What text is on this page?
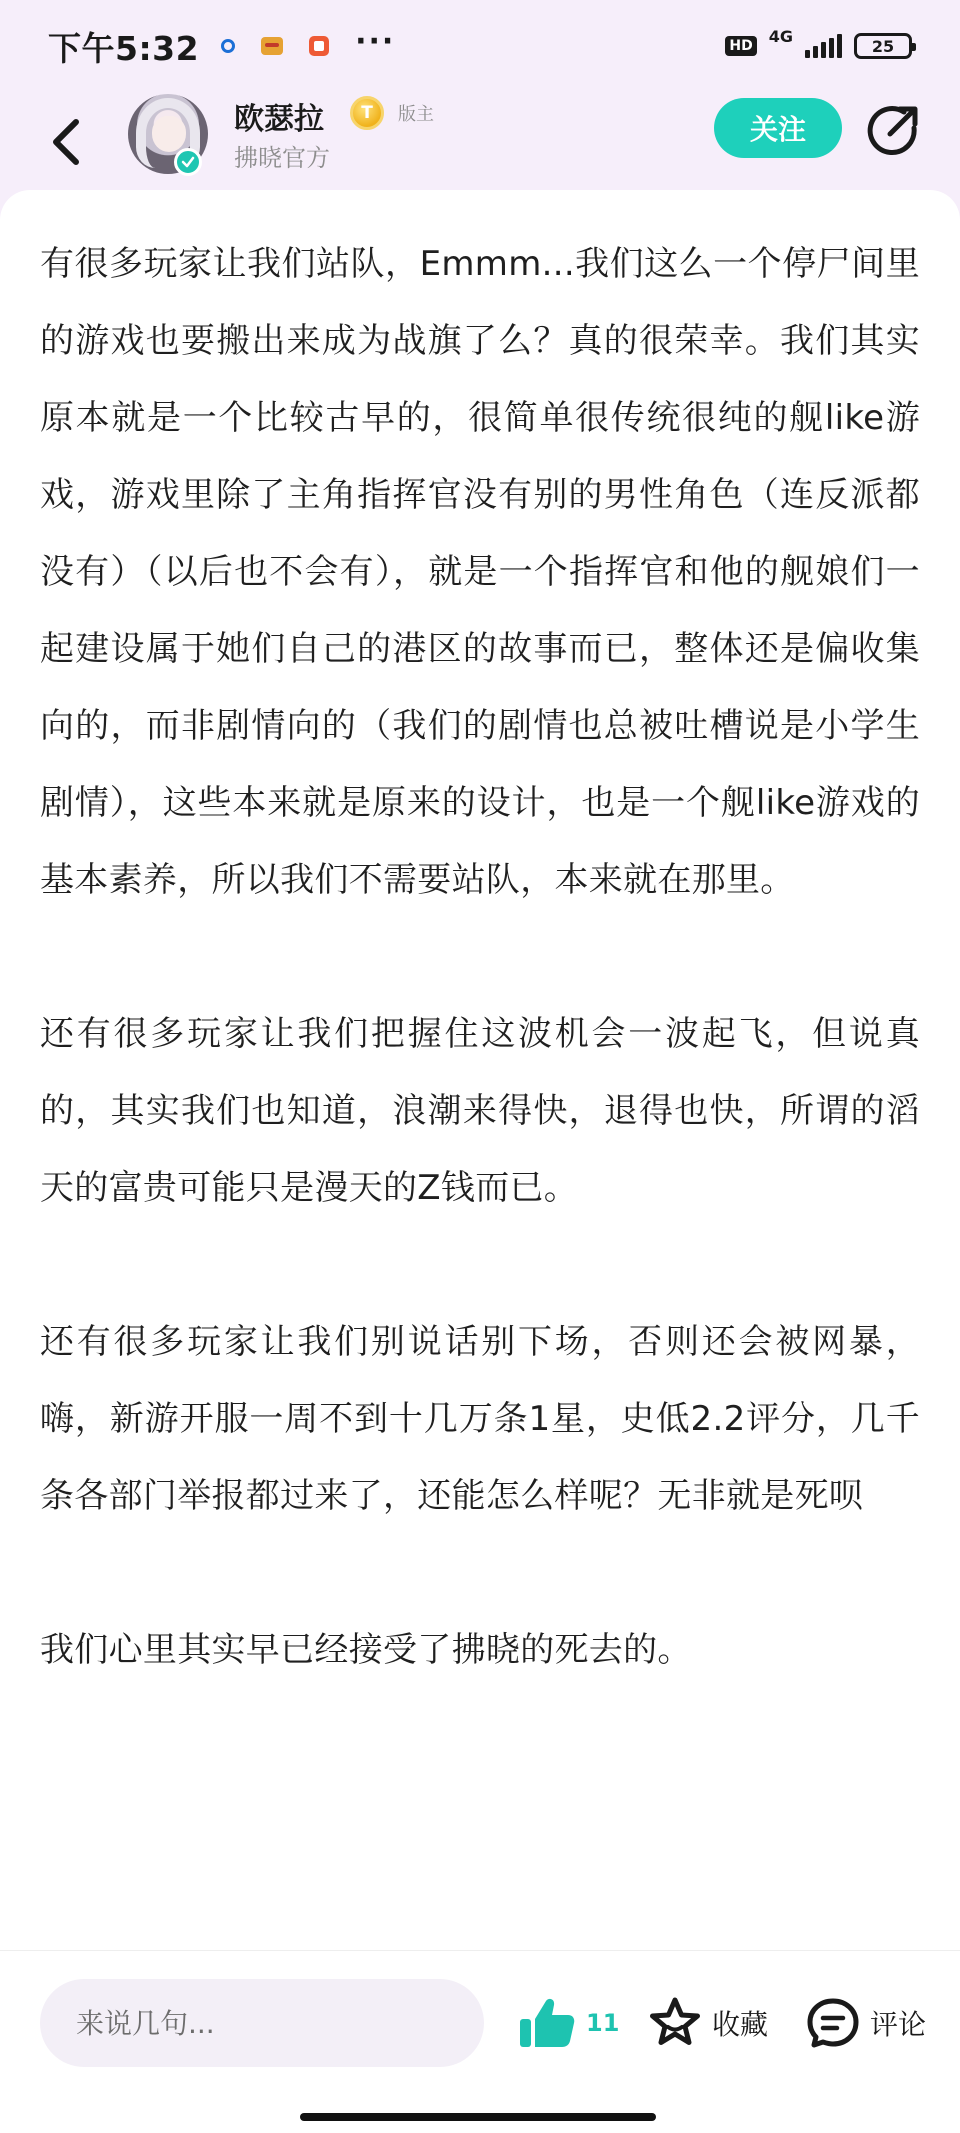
下午5:32	···	HD
4G
25
欧瑟拉	T	版主
拂晓官方
关注

有很多玩家让我们站队，Emmm...我们这么一个停尸间里的游戏也要搬出来成为战旗了么？真的很荣幸。我们其实原本就是一个比较古早的，很简单很传统很纯的舰like游戏，游戏里除了主角指挥官没有别的男性角色（连反派都没有）（以后也不会有），就是一个指挥官和他的舰娘们一起建设属于她们自己的港区的故事而已，整体还是偏收集向的，而非剧情向的（我们的剧情也总被吐槽说是小学生剧情），这些本来就是原来的设计，也是一个舰like游戏的基本素养，所以我们不需要站队，本来就在那里。

还有很多玩家让我们把握住这波机会一波起飞，但说真的，其实我们也知道，浪潮来得快，退得也快，所谓的滔天的富贵可能只是漫天的Z钱而已。

还有很多玩家让我们别说话别下场，否则还会被网暴，嗨，新游开服一周不到十几万条1星，史低2.2评分，几千条各部门举报都过来了，还能怎么样呢？无非就是死呗

我们心里其实早已经接受了拂晓的死去的。

来说几句...
11	收藏	评论
